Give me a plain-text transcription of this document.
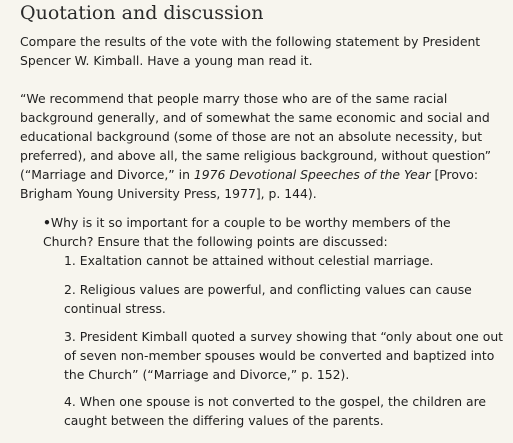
Quotation and discussion

Compare the results of the vote with the following statement by President Spencer W. Kimball. Have a young man read it.

“We recommend that people marry those who are of the same racial background generally, and of somewhat the same economic and social and educational background (some of those are not an absolute necessity, but preferred), and above all, the same religious background, without question” (“Marriage and Divorce,” in 1976 Devotional Speeches of the Year [Provo: Brigham Young University Press, 1977], p. 144).

•Why is it so important for a couple to be worthy members of the Church? Ensure that the following points are discussed:

1. Exaltation cannot be attained without celestial marriage.

2. Religious values are powerful, and conflicting values can cause continual stress.

3. President Kimball quoted a survey showing that “only about one out of seven non-member spouses would be converted and baptized into the Church” (“Marriage and Divorce,” p. 152).

4. When one spouse is not converted to the gospel, the children are caught between the differing values of the parents.
